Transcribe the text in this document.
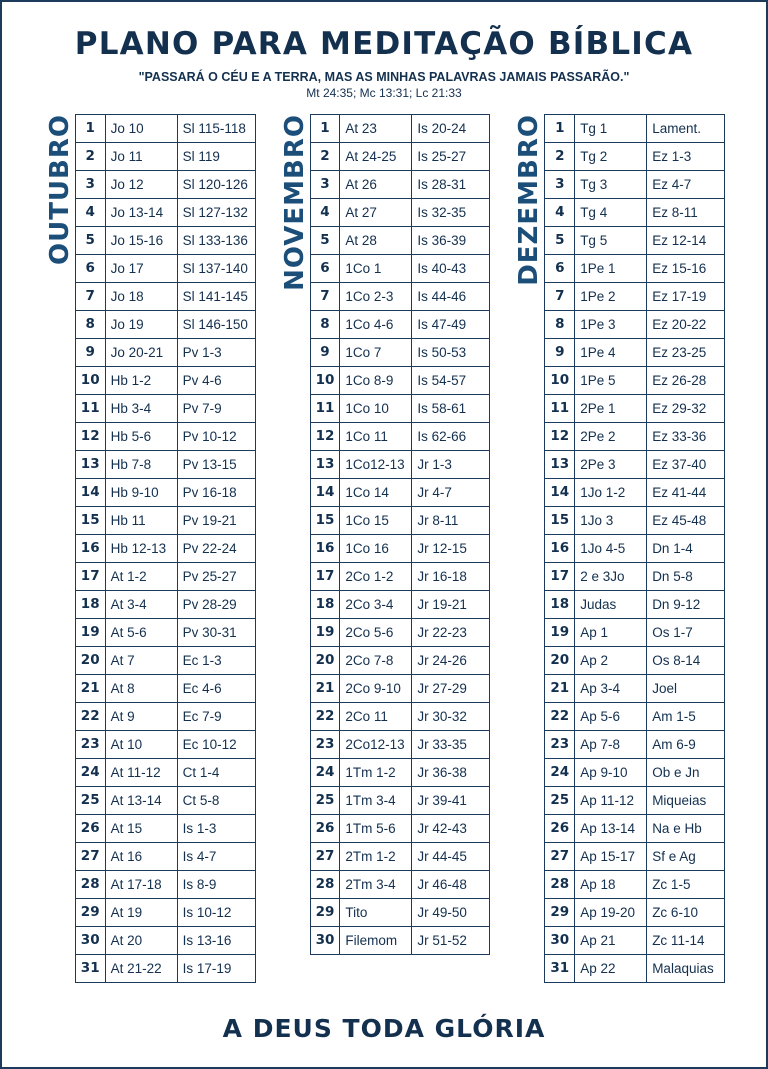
PLANO PARA MEDITAÇÃO BÍBLICA
"PASSARÁ O CÉU E A TERRA, MAS AS MINHAS PALAVRAS JAMAIS PASSARÃO."
Mt 24:35; Mc 13:31; Lc 21:33
OUTUBRO 1	Jo 10	Sl 115-118
2	Jo 11	Sl 119
3	Jo 12	Sl 120-126
4	Jo 13-14	Sl 127-132
5	Jo 15-16	Sl 133-136
6	Jo 17	Sl 137-140
7	Jo 18	Sl 141-145
8	Jo 19	Sl 146-150
9	Jo 20-21	Pv 1-3
10	Hb 1-2	Pv 4-6
11	Hb 3-4	Pv 7-9
12	Hb 5-6	Pv 10-12
13	Hb 7-8	Pv 13-15
14	Hb 9-10	Pv 16-18
15	Hb 11	Pv 19-21
16	Hb 12-13	Pv 22-24
17	At 1-2	Pv 25-27
18	At 3-4	Pv 28-29
19	At 5-6	Pv 30-31
20	At 7	Ec 1-3
21	At 8	Ec 4-6
22	At 9	Ec 7-9
23	At 10	Ec 10-12
24	At 11-12	Ct 1-4
25	At 13-14	Ct 5-8
26	At 15	Is 1-3
27	At 16	Is 4-7
28	At 17-18	Is 8-9
29	At 19	Is 10-12
30	At 20	Is 13-16
31	At 21-22	Is 17-19
NOVEMBRO 1	At 23	Is 20-24
2	At 24-25	Is 25-27
3	At 26	Is 28-31
4	At 27	Is 32-35
5	At 28	Is 36-39
6	1Co 1	Is 40-43
7	1Co 2-3	Is 44-46
8	1Co 4-6	Is 47-49
9	1Co 7	Is 50-53
10	1Co 8-9	Is 54-57
11	1Co 10	Is 58-61
12	1Co 11	Is 62-66
13	1Co12-13	Jr 1-3
14	1Co 14	Jr 4-7
15	1Co 15	Jr 8-11
16	1Co 16	Jr 12-15
17	2Co 1-2	Jr 16-18
18	2Co 3-4	Jr 19-21
19	2Co 5-6	Jr 22-23
20	2Co 7-8	Jr 24-26
21	2Co 9-10	Jr 27-29
22	2Co 11	Jr 30-32
23	2Co12-13	Jr 33-35
24	1Tm 1-2	Jr 36-38
25	1Tm 3-4	Jr 39-41
26	1Tm 5-6	Jr 42-43
27	2Tm 1-2	Jr 44-45
28	2Tm 3-4	Jr 46-48
29	Tito	Jr 49-50
30	Filemom	Jr 51-52
DEZEMBRO 1	Tg 1	Lament.
2	Tg 2	Ez 1-3
3	Tg 3	Ez 4-7
4	Tg 4	Ez 8-11
5	Tg 5	Ez 12-14
6	1Pe 1	Ez 15-16
7	1Pe 2	Ez 17-19
8	1Pe 3	Ez 20-22
9	1Pe 4	Ez 23-25
10	1Pe 5	Ez 26-28
11	2Pe 1	Ez 29-32
12	2Pe 2	Ez 33-36
13	2Pe 3	Ez 37-40
14	1Jo 1-2	Ez 41-44
15	1Jo 3	Ez 45-48
16	1Jo 4-5	Dn 1-4
17	2 e 3Jo	Dn 5-8
18	Judas	Dn 9-12
19	Ap 1	Os 1-7
20	Ap 2	Os 8-14
21	Ap 3-4	Joel
22	Ap 5-6	Am 1-5
23	Ap 7-8	Am 6-9
24	Ap 9-10	Ob e Jn
25	Ap 11-12	Miqueias
26	Ap 13-14	Na e Hb
27	Ap 15-17	Sf e Ag
28	Ap 18	Zc 1-5
29	Ap 19-20	Zc 6-10
30	Ap 21	Zc 11-14
31	Ap 22	Malaquias
A DEUS TODA GLÓRIA
